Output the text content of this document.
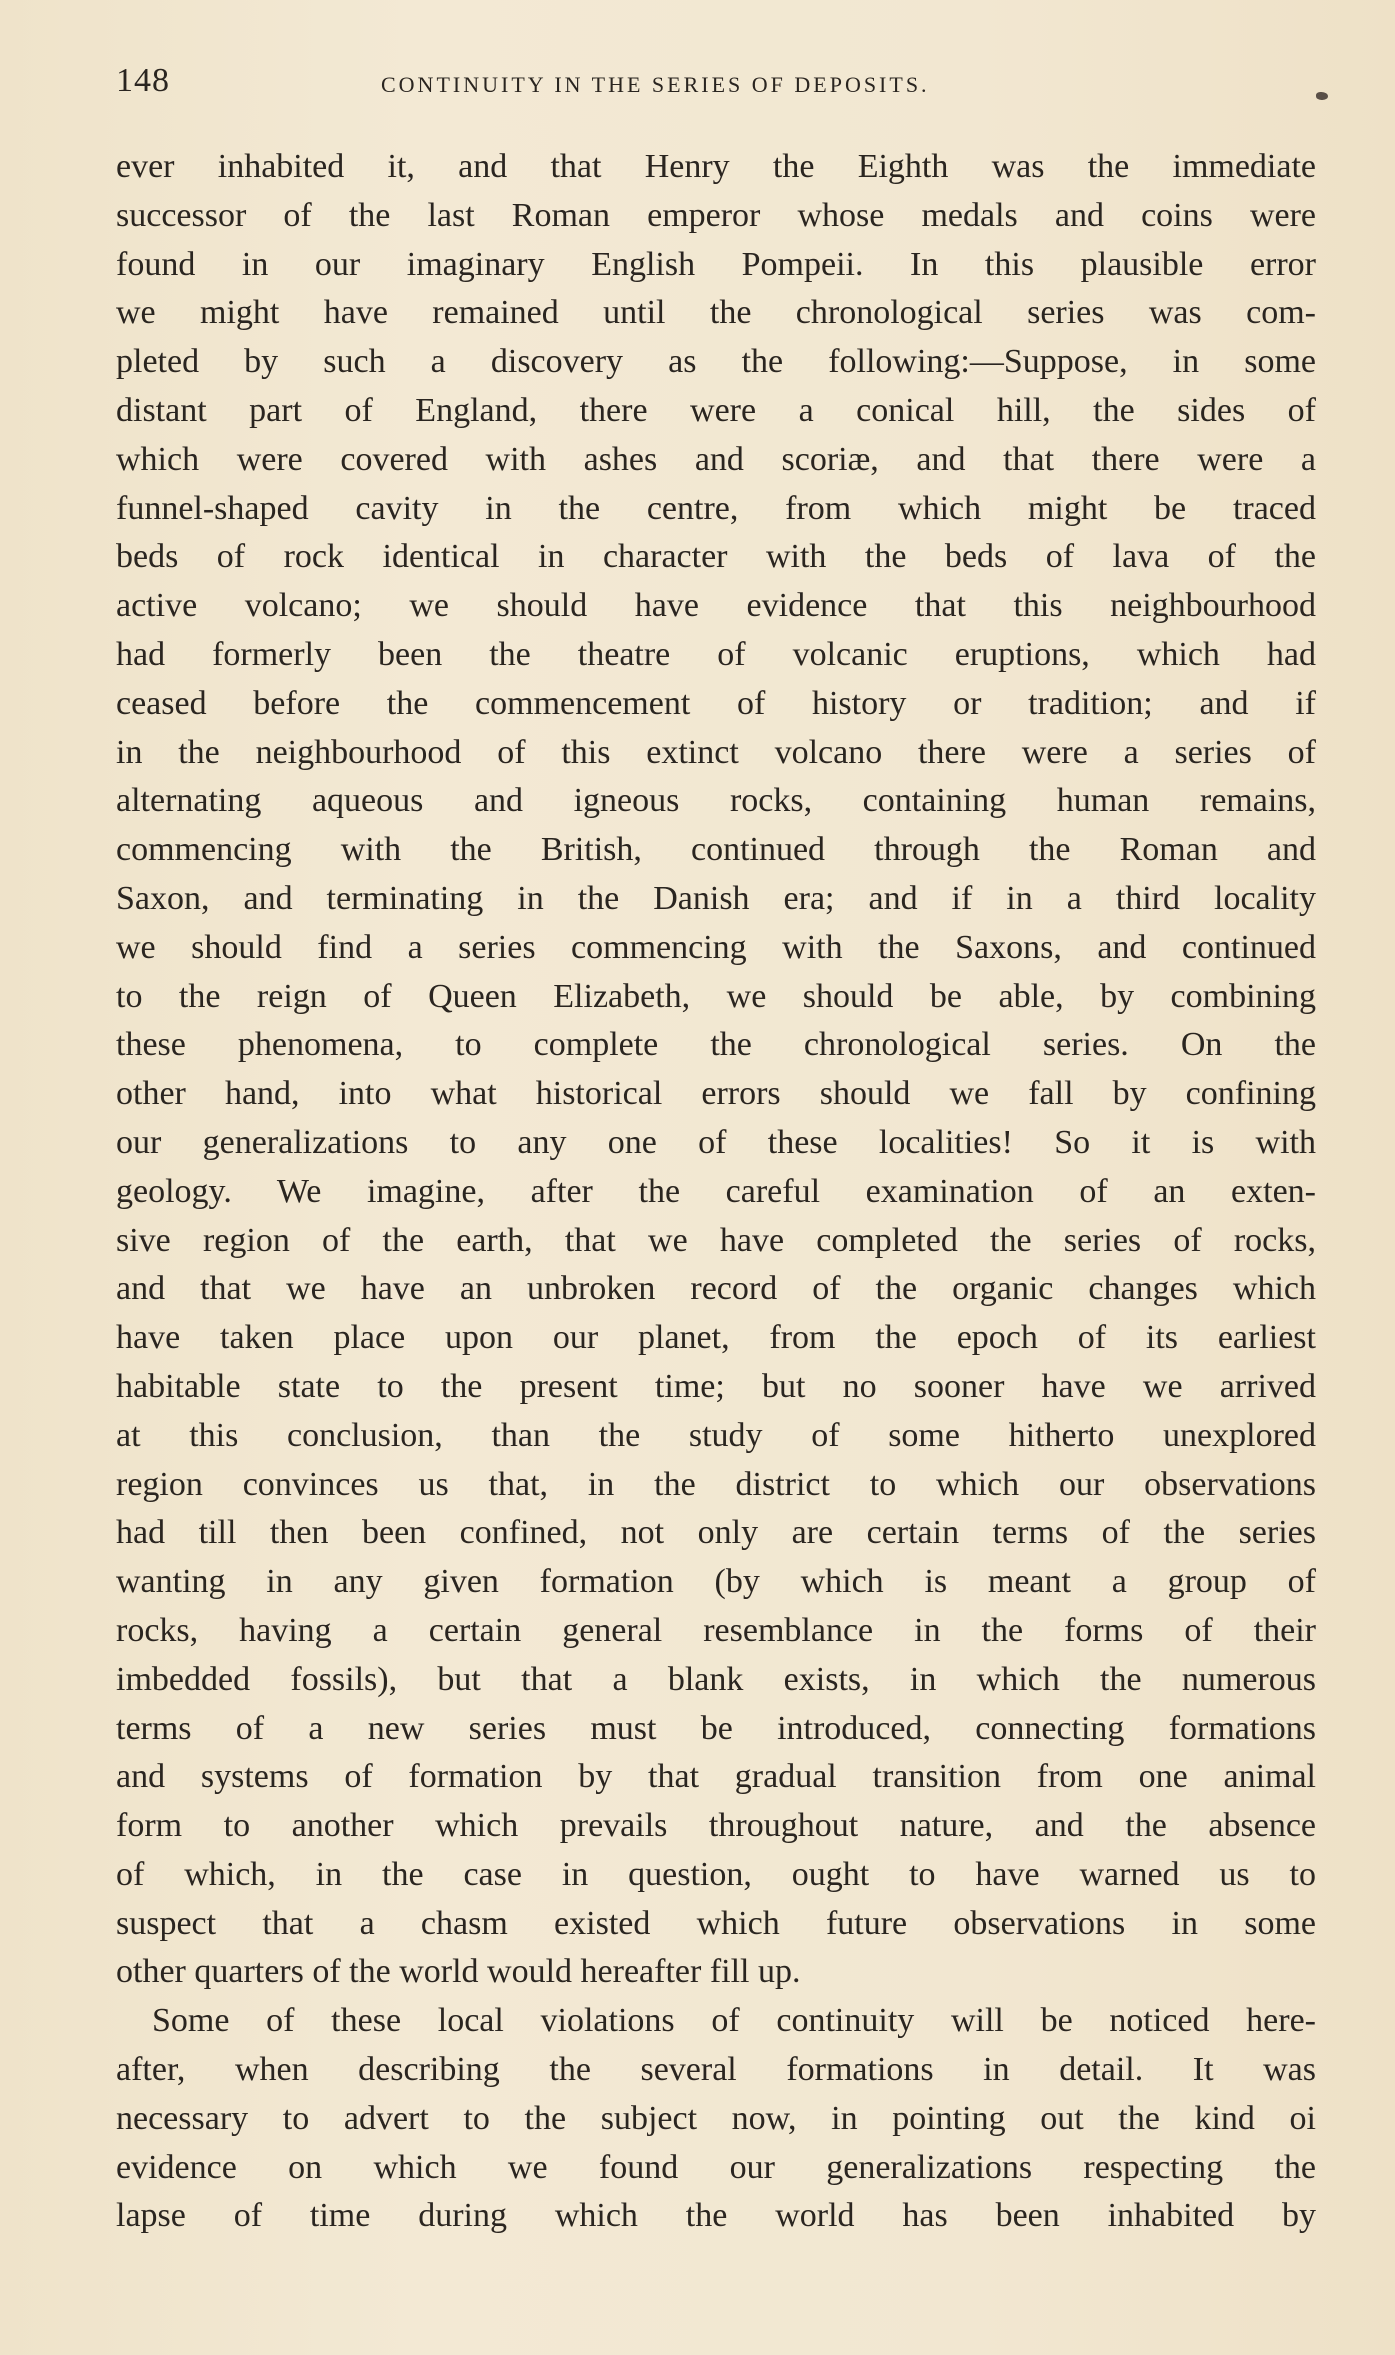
148	CONTINUITY IN THE SERIES OF DEPOSITS.
ever inhabited it, and that Henry the Eighth was the immediate
successor of the last Roman emperor whose medals and coins were
found in our imaginary English Pompeii. In this plausible error
we might have remained until the chronological series was com-
pleted by such a discovery as the following:—Suppose, in some
distant part of England, there were a conical hill, the sides of
which were covered with ashes and scoriæ, and that there were a
funnel-shaped cavity in the centre, from which might be traced
beds of rock identical in character with the beds of lava of the
active volcano; we should have evidence that this neighbourhood
had formerly been the theatre of volcanic eruptions, which had
ceased before the commencement of history or tradition; and if
in the neighbourhood of this extinct volcano there were a series of
alternating aqueous and igneous rocks, containing human remains,
commencing with the British, continued through the Roman and
Saxon, and terminating in the Danish era; and if in a third locality
we should find a series commencing with the Saxons, and continued
to the reign of Queen Elizabeth, we should be able, by combining
these phenomena, to complete the chronological series. On the
other hand, into what historical errors should we fall by confining
our generalizations to any one of these localities! So it is with
geology. We imagine, after the careful examination of an exten-
sive region of the earth, that we have completed the series of rocks,
and that we have an unbroken record of the organic changes which
have taken place upon our planet, from the epoch of its earliest
habitable state to the present time; but no sooner have we arrived
at this conclusion, than the study of some hitherto unexplored
region convinces us that, in the district to which our observations
had till then been confined, not only are certain terms of the series
wanting in any given formation (by which is meant a group of
rocks, having a certain general resemblance in the forms of their
imbedded fossils), but that a blank exists, in which the numerous
terms of a new series must be introduced, connecting formations
and systems of formation by that gradual transition from one animal
form to another which prevails throughout nature, and the absence
of which, in the case in question, ought to have warned us to
suspect that a chasm existed which future observations in some
other quarters of the world would hereafter fill up.
Some of these local violations of continuity will be noticed here-
after, when describing the several formations in detail. It was
necessary to advert to the subject now, in pointing out the kind oi
evidence on which we found our generalizations respecting the
lapse of time during which the world has been inhabited by
